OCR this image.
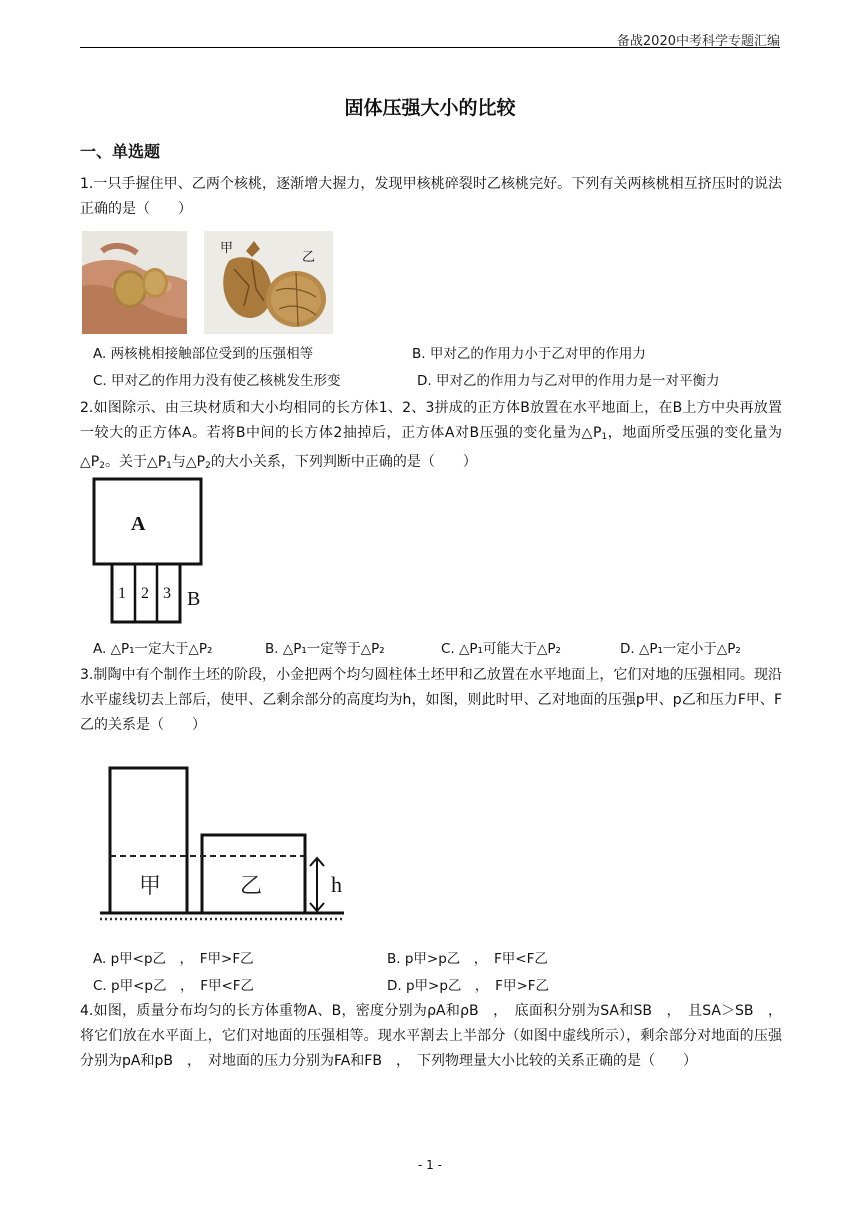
备战2020中考科学专题汇编
固体压强大小的比较
一、单选题
1.一只手握住甲、乙两个核桃，逐渐增大握力，发现甲核桃碎裂时乙核桃完好。下列有关两核桃相互挤压时的说法正确的是（　　）
甲
乙
A. 两核桃相接触部位受到的压强相等	B. 甲对乙的作用力小于乙对甲的作用力
C. 甲对乙的作用力没有使乙核桃发生形变	D. 甲对乙的作用力与乙对甲的作用力是一对平衡力
2.如图除示、由三块材质和大小均相同的长方体1、2、3拼成的正方体B放置在水平地面上，在B上方中央再放置一较大的正方体A。若将B中间的长方体2抽掉后，正方体A对B压强的变化量为$\triangle P_1$，地面所受压强的变化量为$\triangle P_2$。关于$\triangle P_1$与$\triangle P_2$的大小关系，下列判断中正确的是（　　）
A
1 2 3 B
A. △P₁一定大于△P₂	B. △P₁一定等于△P₂	C. △P₁可能大于△P₂	D. △P₁一定小于△P₂
3.制陶中有个制作土坯的阶段，小金把两个均匀圆柱体土坯甲和乙放置在水平地面上，它们对地的压强相同。现沿水平虚线切去上部后，使甲、乙剩余部分的高度均为h，如图，则此时甲、乙对地面的压强p甲、p乙和压力F甲、F乙的关系是（　　）
甲	乙	h
A. p甲<p乙　，　F甲>F乙	B. p甲>p乙　，　F甲<F乙
C. p甲<p乙　，　F甲<F乙	D. p甲>p乙　，　F甲>F乙
4.如图，质量分布均匀的长方体重物A、B，密度分别为ρA和ρB　，　底面积分别为SA和SB　，　且SA＞SB　，将它们放在水平面上，它们对地面的压强相等。现水平割去上半部分（如图中虚线所示），剩余部分对地面的压强分别为pA和pB　，　对地面的压力分别为FA和FB　，　下列物理量大小比较的关系正确的是（　　）
- 1 -
